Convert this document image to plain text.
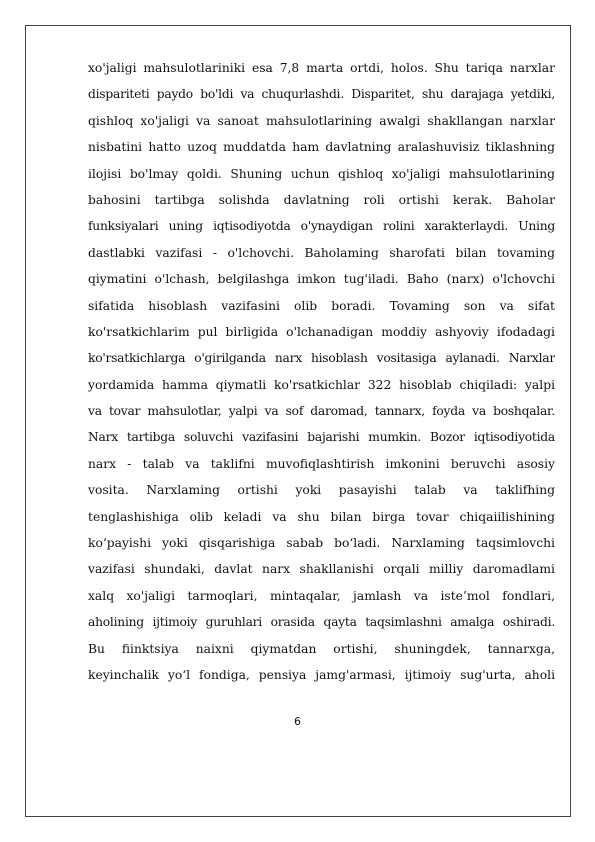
xo'jaligi mahsulotlariniki esa 7,8 marta ortdi, holos. Shu tariqa narxlar
dispariteti paydo bo'ldi va chuqurlashdi. Disparitet, shu darajaga yetdiki,
qishloq xo'jaligi va sanoat mahsulotlarining awalgi shakllangan narxlar
nisbatini hatto uzoq muddatda ham davlatning aralashuvisiz tiklashning
ilojisi bo'lmay qoldi. Shuning uchun qishloq xo'jaligi mahsulotlarining
bahosini tartibga solishda davlatning roli ortishi kerak. Baholar
funksiyalari uning iqtisodiyotda o'ynaydigan rolini xarakterlaydi. Uning
dastlabki vazifasi - o'lchovchi. Baholaming sharofati bilan tovaming
qiymatini o'lchash, belgilashga imkon tug'iladi. Baho (narx) o'lchovchi
sifatida hisoblash vazifasini olib boradi. Tovaming son va sifat
ko'rsatkichlarim pul birligida o'lchanadigan moddiy ashyoviy ifodadagi
ko'rsatkichlarga o'girilganda narx hisoblash vositasiga aylanadi. Narxlar
yordamida hamma qiymatli ko'rsatkichlar 322 hisoblab chiqiladi: yalpi
va tovar mahsulotlar, yalpi va sof daromad, tannarx, foyda va boshqalar.
Narx tartibga soluvchi vazifasini bajarishi mumkin. Bozor iqtisodiyotida
narx - talab va taklifni muvofiqlashtirish imkonini beruvchi asosiy
vosita. Narxlaming ortishi yoki pasayishi talab va taklifhing
tenglashishiga olib keladi va shu bilan birga tovar chiqaiilishining
ko‘payishi yoki qisqarishiga sabab bo‘ladi. Narxlaming taqsimlovchi
vazifasi shundaki, davlat narx shakllanishi orqali milliy daromadlami
xalq xo'jaligi tarmoqlari, mintaqalar, jamlash va iste’mol fondlari,
aholining ijtimoiy guruhlari orasida qayta taqsimlashni amalga oshiradi.
Bu fiinktsiya naixni qiymatdan ortishi, shuningdek, tannarxga,
keyinchalik yo‘l fondiga, pensiya jamg'armasi, ijtimoiy sug'urta, aholi
6
